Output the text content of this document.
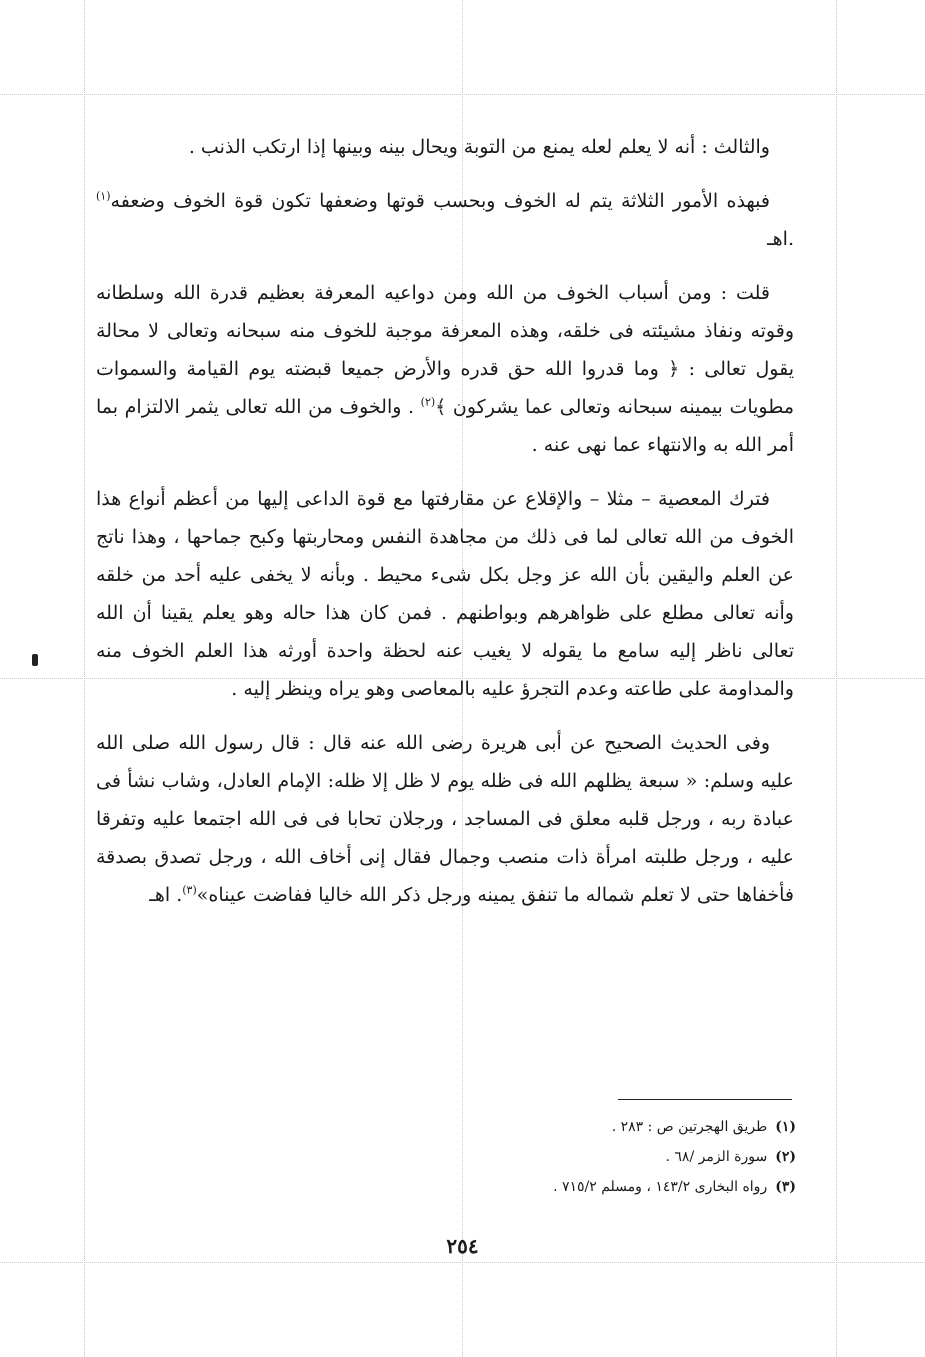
والثالث : أنه لا يعلم لعله يمنع من التوبة ويحال بينه وبينها إذا ارتكب الذنب .

فبهذه الأمور الثلاثة يتم له الخوف وبحسب قوتها وضعفها تكون قوة الخوف وضعفه$^{(١)}$ .اهـ

قلت : ومن أسباب الخوف من الله ومن دواعيه المعرفة بعظيم قدرة الله وسلطانه وقوته ونفاذ مشيئته فى خلقه، وهذه المعرفة موجبة للخوف منه سبحانه وتعالى لا محالة يقول تعالى : ﴿ وما قدروا الله حق قدره والأرض جميعا قبضته يوم القيامة والسموات مطويات بيمينه سبحانه وتعالى عما يشركون ﴾$^{(٢)}$ . والخوف من الله تعالى يثمر الالتزام بما أمر الله به والانتهاء عما نهى عنه .

فترك المعصية – مثلا – والإقلاع عن مقارفتها مع قوة الداعى إليها من أعظم أنواع هذا الخوف من الله تعالى لما فى ذلك من مجاهدة النفس ومحاربتها وكبح جماحها ، وهذا ناتج عن العلم واليقين بأن الله عز وجل بكل شىء محيط . وبأنه لا يخفى عليه أحد من خلقه وأنه تعالى مطلع على ظواهرهم وبواطنهم . فمن كان هذا حاله وهو يعلم يقينا أن الله تعالى ناظر إليه سامع ما يقوله لا يغيب عنه لحظة واحدة أورثه هذا العلم الخوف منه والمداومة على طاعته وعدم التجرؤ عليه بالمعاصى وهو يراه وينظر إليه .

وفى الحديث الصحيح عن أبى هريرة رضى الله عنه قال : قال رسول الله صلى الله عليه وسلم: « سبعة يظلهم الله فى ظله يوم لا ظل إلا ظله: الإمام العادل، وشاب نشأ فى عبادة ربه ، ورجل قلبه معلق فى المساجد ، ورجلان تحابا فى فى الله اجتمعا عليه وتفرقا عليه ، ورجل طلبته امرأة ذات منصب وجمال فقال إنى أخاف الله ، ورجل تصدق بصدقة فأخفاها حتى لا تعلم شماله ما تنفق يمينه ورجل ذكر الله خاليا ففاضت عيناه»$^{(٣)}$. اهـ

(١)طريق الهجرتين ص : ٢٨٣ .
(٢)سورة الزمر /٦٨ .
(٣)رواه البخارى ١٤٣/٢ ، ومسلم ٧١٥/٢ .
٢٥٤
